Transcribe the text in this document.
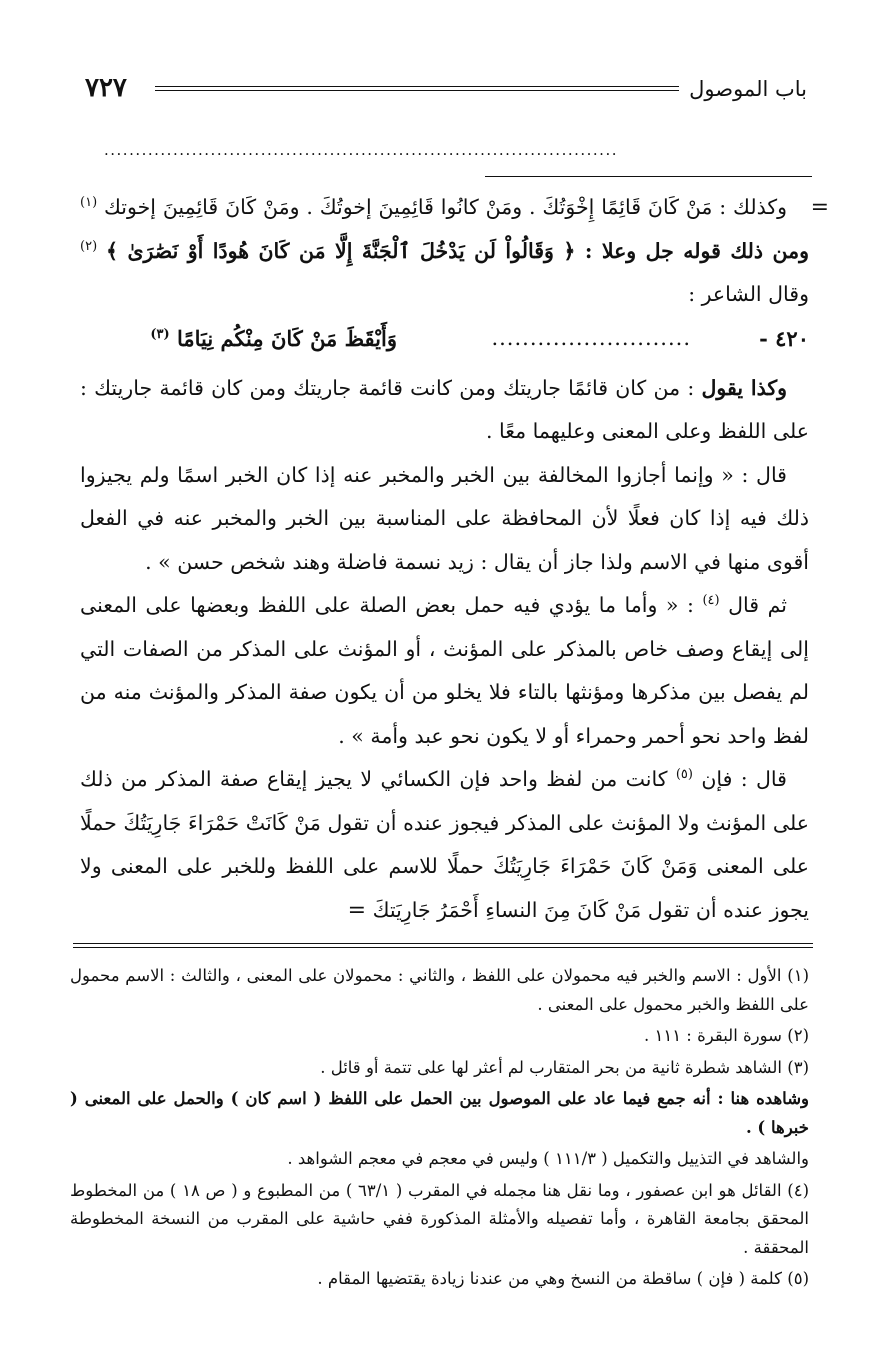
باب الموصول
٧٢٧
..................................................................................
=

وكذلك : مَنْ كَانَ قَائِمًا إِخْوَتُكَ . ومَنْ كانُوا قَائِمِينَ إخوتُكَ . ومَنْ كَانَ قَائِمِينَ إخوتك $^{(١)}$ ومن ذلك قوله جل وعلا : ﴿ وَقَالُواْ لَن يَدْخُلَ ٱلْجَنَّةَ إِلَّا مَن كَانَ هُودًا أَوْ نَصَٰرَىٰ ﴾ $^{(٢)}$ وقال الشاعر :

٤٢٠ -
..........................
وَأَيْقَظَ مَنْ كَانَ مِنْكُم نِيَامًا $^{(٣)}$

وكذا يقول : من كان قائمًا جاريتك ومن كانت قائمة جاريتك ومن كان قائمة جاريتك : على اللفظ وعلى المعنى وعليهما معًا .

قال : « وإنما أجازوا المخالفة بين الخبر والمخبر عنه إذا كان الخبر اسمًا ولم يجيزوا ذلك فيه إذا كان فعلًا لأن المحافظة على المناسبة بين الخبر والمخبر عنه في الفعل أقوى منها في الاسم ولذا جاز أن يقال : زيد نسمة فاضلة وهند شخص حسن » .

ثم قال $^{(٤)}$ : « وأما ما يؤدي فيه حمل بعض الصلة على اللفظ وبعضها على المعنى إلى إيقاع وصف خاص بالمذكر على المؤنث ، أو المؤنث على المذكر من الصفات التي لم يفصل بين مذكرها ومؤنثها بالتاء فلا يخلو من أن يكون صفة المذكر والمؤنث منه من لفظ واحد نحو أحمر وحمراء أو لا يكون نحو عبد وأمة » .

قال : فإن $^{(٥)}$ كانت من لفظ واحد فإن الكسائي لا يجيز إيقاع صفة المذكر من ذلك على المؤنث ولا المؤنث على المذكر فيجوز عنده أن تقول مَنْ كَانَتْ حَمْرَاءَ جَارِيَتُكَ حملًا على المعنى وَمَنْ كَانَ حَمْرَاءَ جَارِيَتُكَ حملًا للاسم على اللفظ وللخبر على المعنى ولا يجوز عنده أن تقول مَنْ كَانَ مِنَ النساءِ أَحْمَرُ جَارِيَتكَ =

(١) الأول : الاسم والخبر فيه محمولان على اللفظ ، والثاني : محمولان على المعنى ، والثالث : الاسم محمول على اللفظ والخبر محمول على المعنى .

(٢) سورة البقرة : ١١١ .

(٣) الشاهد شطرة ثانية من بحر المتقارب لم أعثر لها على تتمة أو قائل .

وشاهده هنا : أنه جمع فيما عاد على الموصول بين الحمل على اللفظ ( اسم كان ) والحمل على المعنى ( خبرها ) .

والشاهد في التذييل والتكميل ( ١١١/٣ ) وليس في معجم في معجم الشواهد .

(٤) القائل هو ابن عصفور ، وما نقل هنا مجمله في المقرب ( ٦٣/١ ) من المطبوع و ( ص ١٨ ) من المخطوط المحقق بجامعة القاهرة ، وأما تفصيله والأمثلة المذكورة ففي حاشية على المقرب من النسخة المخطوطة المحققة .

(٥) كلمة ( فإن ) ساقطة من النسخ وهي من عندنا زيادة يقتضيها المقام .
